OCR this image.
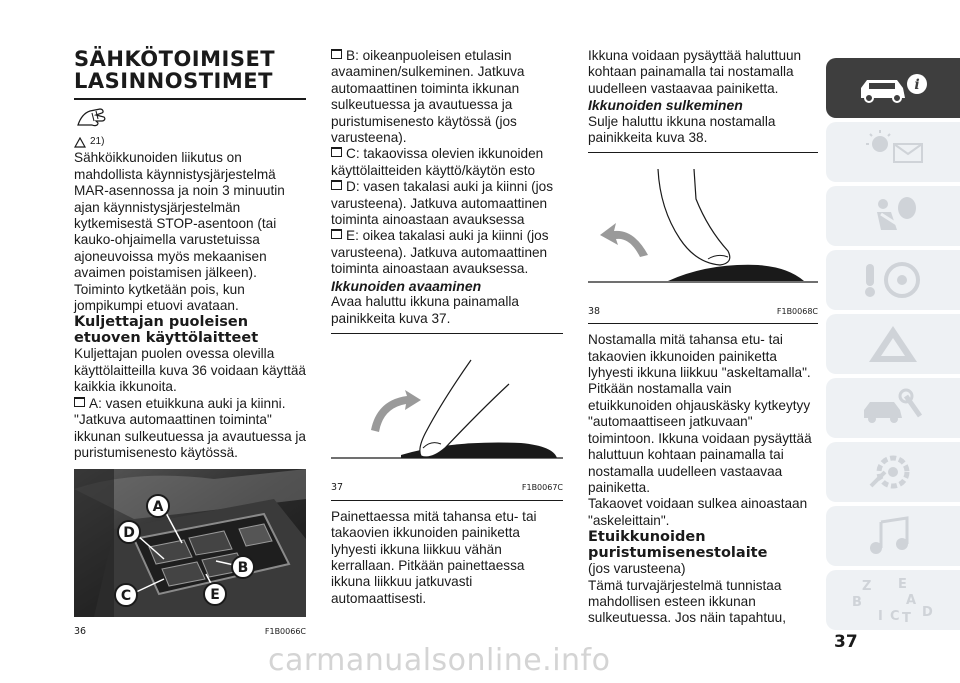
SÄHKÖTOIMISET
LASINNOSTIMET
21)

Sähköikkunoiden liikutus on mahdollista käynnistysjärjestelmä MAR-asennossa ja noin 3 minuutin ajan käynnistysjärjestelmän kytkemisestä STOP-asentoon (tai kauko-ohjaimella varustetuissa ajoneuvoissa myös mekaanisen avaimen poistamisen jälkeen).

Toiminto kytketään pois, kun jompikumpi etuovi avataan.

Kuljettajan puoleisen etuoven käyttölaitteet

Kuljettajan puolen ovessa olevilla käyttölaitteilla kuva 36 voidaan käyttää kaikkia ikkunoita.

A: vasen etuikkuna auki ja kiinni. "Jatkuva automaattinen toiminta" ikkunan sulkeutuessa ja avautuessa ja puristumisenesto käytössä.

A
D
B
C	E
36	F1B0066C

B: oikeanpuoleisen etulasin avaaminen/sulkeminen. Jatkuva automaattinen toiminta ikkunan sulkeutuessa ja avautuessa ja puristumisenesto käytössä (jos varusteena).

C: takaovissa olevien ikkunoiden käyttölaitteiden käyttö/käytön esto

D: vasen takalasi auki ja kiinni (jos varusteena). Jatkuva automaattinen toiminta ainoastaan avauksessa

E: oikea takalasi auki ja kiinni (jos varusteena). Jatkuva automaattinen toiminta ainoastaan avauksessa.

Ikkunoiden avaaminen

Avaa haluttu ikkuna painamalla painikkeita kuva 37.

37	F1B0067C

Painettaessa mitä tahansa etu- tai takaovien ikkunoiden painiketta lyhyesti ikkuna liikkuu vähän kerrallaan. Pitkään painettaessa ikkuna liikkuu jatkuvasti automaattisesti.

Ikkuna voidaan pysäyttää haluttuun kohtaan painamalla tai nostamalla uudelleen vastaavaa painiketta.

Ikkunoiden sulkeminen

Sulje haluttu ikkuna nostamalla painikkeita kuva 38.

38	F1B0068C

Nostamalla mitä tahansa etu- tai takaovien ikkunoiden painiketta lyhyesti ikkuna liikkuu "askeltamalla". Pitkään nostamalla vain etuikkunoiden ohjauskäsky kytkeytyy "automaattiseen jatkuvaan" toimintoon. Ikkuna voidaan pysäyttää haluttuun kohtaan painamalla tai nostamalla uudelleen vastaavaa painiketta.

Takaovet voidaan sulkea ainoastaan "askeleittain".

Etuikkunoiden puristumisenestolaite

(jos varusteena)

Tämä turvajärjestelmä tunnistaa mahdollisen esteen ikkunan sulkeutuessa. Jos näin tapahtuu,

i
Z E
B	A
I C T D
37
carmanualsonline.info
